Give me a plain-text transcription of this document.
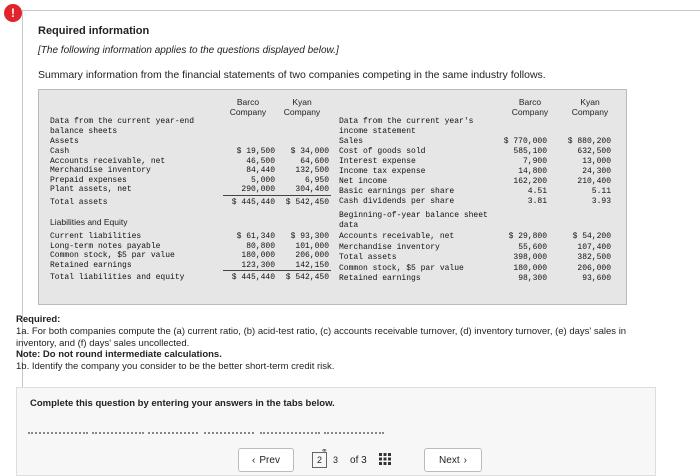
!
Required information
[The following information applies to the questions displayed below.]
Summary information from the financial statements of two companies competing in the same industry follows.
Barco Company
Kyan Company
Data from the current year-end balance sheets
Assets
Cash	$ 19,500	$ 34,000
Accounts receivable, net	46,500	64,600
Merchandise inventory	84,440	132,500
Prepaid expenses	5,000	6,950
Plant assets, net	290,000	304,400
Total assets	$ 445,440	$ 542,450
Liabilities and Equity
Current liabilities	$ 61,340	$ 93,300
Long-term notes payable	80,800	101,000
Common stock, $5 par value	180,000	206,000
Retained earnings	123,300	142,150
Total liabilities and equity	$ 445,440	$ 542,450
Barco Company
Kyan Company
Data from the current year's income statement
Sales	$ 770,000	$ 880,200
Cost of goods sold	585,100	632,500
Interest expense	7,900	13,000
Income tax expense	14,800	24,300
Net income	162,200	210,400
Basic earnings per share	4.51	5.11
Cash dividends per share	3.81	3.93
Beginning-of-year balance sheet data
Accounts receivable, net	$ 29,800	$ 54,200
Merchandise inventory	55,600	107,400
Total assets	398,000	382,500
Common stock, $5 par value	180,000	206,000
Retained earnings	98,300	93,600
Required:
1a. For both companies compute the (a) current ratio, (b) acid-test ratio, (c) accounts receivable turnover, (d) inventory turnover, (e) days' sales in inventory, and (f) days' sales uncollected.
Note: Do not round intermediate calculations.
1b. Identify the company you consider to be the better short-term credit risk.
Complete this question by entering your answers in the tabs below.
‹ Prev
⚭
2	3	of 3	Next ›
